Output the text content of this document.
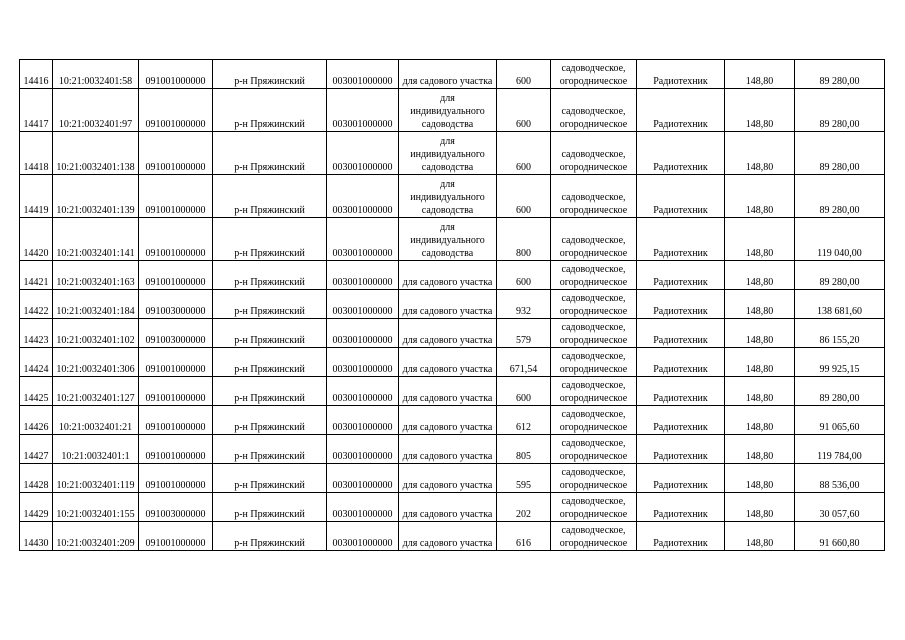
14416	10:21:0032401:58	091001000000	р-н Пряжинский	003001000000	для садового участка	600	садоводческое,
огородническое	Радиотехник	148,80	89 280,00
14417	10:21:0032401:97	091001000000	р-н Пряжинский	003001000000	для
индивидуального
садоводства	600	садоводческое,
огородническое	Радиотехник	148,80	89 280,00
14418	10:21:0032401:138	091001000000	р-н Пряжинский	003001000000	для
индивидуального
садоводства	600	садоводческое,
огородническое	Радиотехник	148,80	89 280,00
14419	10:21:0032401:139	091001000000	р-н Пряжинский	003001000000	для
индивидуального
садоводства	600	садоводческое,
огородническое	Радиотехник	148,80	89 280,00
14420	10:21:0032401:141	091001000000	р-н Пряжинский	003001000000	для
индивидуального
садоводства	800	садоводческое,
огородническое	Радиотехник	148,80	119 040,00
14421	10:21:0032401:163	091001000000	р-н Пряжинский	003001000000	для садового участка	600	садоводческое,
огородническое	Радиотехник	148,80	89 280,00
14422	10:21:0032401:184	091003000000	р-н Пряжинский	003001000000	для садового участка	932	садоводческое,
огородническое	Радиотехник	148,80	138 681,60
14423	10:21:0032401:102	091003000000	р-н Пряжинский	003001000000	для садового участка	579	садоводческое,
огородническое	Радиотехник	148,80	86 155,20
14424	10:21:0032401:306	091001000000	р-н Пряжинский	003001000000	для садового участка	671,54	садоводческое,
огородническое	Радиотехник	148,80	99 925,15
14425	10:21:0032401:127	091001000000	р-н Пряжинский	003001000000	для садового участка	600	садоводческое,
огородническое	Радиотехник	148,80	89 280,00
14426	10:21:0032401:21	091001000000	р-н Пряжинский	003001000000	для садового участка	612	садоводческое,
огородническое	Радиотехник	148,80	91 065,60
14427	10:21:0032401:1	091001000000	р-н Пряжинский	003001000000	для садового участка	805	садоводческое,
огородническое	Радиотехник	148,80	119 784,00
14428	10:21:0032401:119	091001000000	р-н Пряжинский	003001000000	для садового участка	595	садоводческое,
огородническое	Радиотехник	148,80	88 536,00
14429	10:21:0032401:155	091003000000	р-н Пряжинский	003001000000	для садового участка	202	садоводческое,
огородническое	Радиотехник	148,80	30 057,60
14430	10:21:0032401:209	091001000000	р-н Пряжинский	003001000000	для садового участка	616	садоводческое,
огородническое	Радиотехник	148,80	91 660,80
